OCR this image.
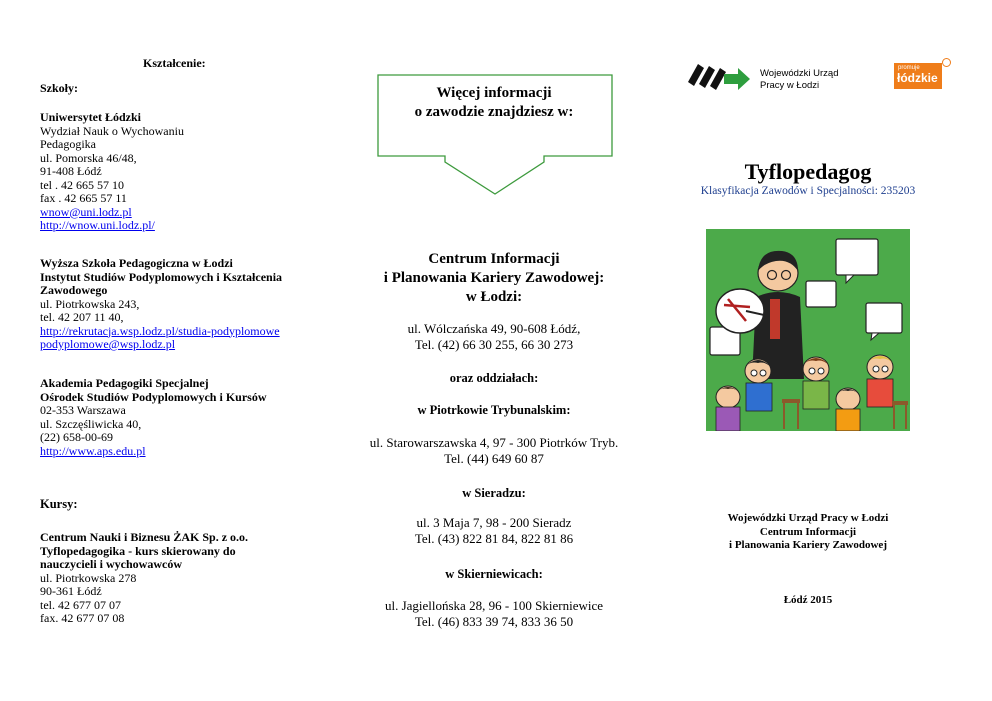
Kształcenie:
Szkoły:
Uniwersytet Łódzki
Wydział Nauk o Wychowaniu
Pedagogika
ul. Pomorska 46/48,
91-408 Łódź
tel . 42 665 57 10
fax . 42 665 57 11
wnow@uni.lodz.pl
http://wnow.uni.lodz.pl/
Wyższa Szkoła Pedagogiczna w Łodzi
Instytut Studiów Podyplomowych i Kształcenia
Zawodowego
ul. Piotrkowska 243,
tel. 42 207 11 40,
http://rekrutacja.wsp.lodz.pl/studia-podyplomowe
podyplomowe@wsp.lodz.pl
Akademia Pedagogiki Specjalnej
Ośrodek Studiów Podyplomowych i Kursów
02-353 Warszawa
ul. Szczęśliwicka 40,
(22) 658-00-69
http://www.aps.edu.pl
Kursy:
Centrum Nauki i Biznesu ŻAK Sp. z o.o.
Tyflopedagogika - kurs skierowany do
nauczycieli i wychowawców
ul. Piotrkowska 278
90-361 Łódź
tel. 42 677 07 07
fax. 42 677 07 08
Więcej informacji
o zawodzie znajdziesz w:
Centrum Informacji
i Planowania Kariery Zawodowej:
w Łodzi:
ul. Wólczańska 49, 90-608 Łódź,
Tel. (42) 66 30 255, 66 30 273
oraz oddziałach:
w Piotrkowie Trybunalskim:
ul. Starowarszawska 4, 97 - 300 Piotrków Tryb.
Tel. (44) 649 60 87
w Sieradzu:
ul. 3 Maja 7, 98 - 200 Sieradz
Tel. (43) 822 81 84, 822 81 86
w Skierniewicach:
ul. Jagiellońska 28, 96 - 100 Skierniewice
Tel. (46) 833 39 74, 833 36 50
Wojewódzki Urząd
Pracy w Łodzi
promuje
łódzkie
Tyflopedagog
Klasyfikacja Zawodów i Specjalności: 235203
Wojewódzki Urząd Pracy w Łodzi
Centrum Informacji
i Planowania Kariery Zawodowej
Łódź 2015
